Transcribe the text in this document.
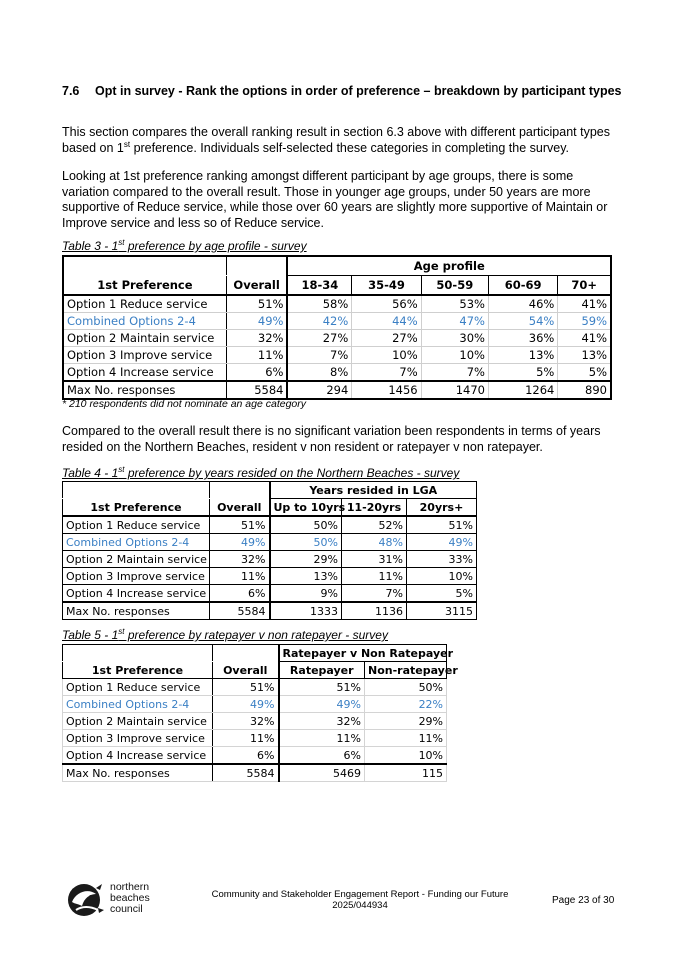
7.6 Opt in survey - Rank the options in order of preference – breakdown by participant types
This section compares the overall ranking result in section 6.3 above with different participant types based on 1st preference. Individuals self-selected these categories in completing the survey.
Looking at 1st preference ranking amongst different participant by age groups, there is some variation compared to the overall result. Those in younger age groups, under 50 years are more supportive of Reduce service, while those over 60 years are slightly more supportive of Maintain or Improve service and less so of Reduce service.
Table 3 - 1st preference by age profile - survey
		Age profile				
1st Preference	Overall	18-34	35-49	50-59	60-69	70+
Option 1 Reduce service	51%	58%	56%	53%	46%	41%
Combined Options 2-4	49%	42%	44%	47%	54%	59%
Option 2 Maintain service	32%	27%	27%	30%	36%	41%
Option 3 Improve service	11%	7%	10%	10%	13%	13%
Option 4 Increase service	6%	8%	7%	7%	5%	5%
Max No. responses	5584	294	1456	1470	1264	890
* 210 respondents did not nominate an age category
Compared to the overall result there is no significant variation been respondents in terms of years resided on the Northern Beaches, resident v non resident or ratepayer v non ratepayer.
Table 4 - 1st preference by years resided on the Northern Beaches - survey
		Years resided in LGA		
1st Preference	Overall	Up to 10yrs	11-20yrs	20yrs+
Option 1 Reduce service	51%	50%	52%	51%
Combined Options 2-4	49%	50%	48%	49%
Option 2 Maintain service	32%	29%	31%	33%
Option 3 Improve service	11%	13%	11%	10%
Option 4 Increase service	6%	9%	7%	5%
Max No. responses	5584	1333	1136	3115
Table 5 - 1st preference by ratepayer v non ratepayer - survey
		Ratepayer v Non Ratepayer	
1st Preference	Overall	Ratepayer	Non-ratepayer
Option 1 Reduce service	51%	51%	50%
Combined Options 2-4	49%	49%	22%
Option 2 Maintain service	32%	32%	29%
Option 3 Improve service	11%	11%	11%
Option 4 Increase service	6%	6%	10%
Max No. responses	5584	5469	115
northern
beaches
council
Community and Stakeholder Engagement Report - Funding our Future
2025/044934	Page 23 of 30
